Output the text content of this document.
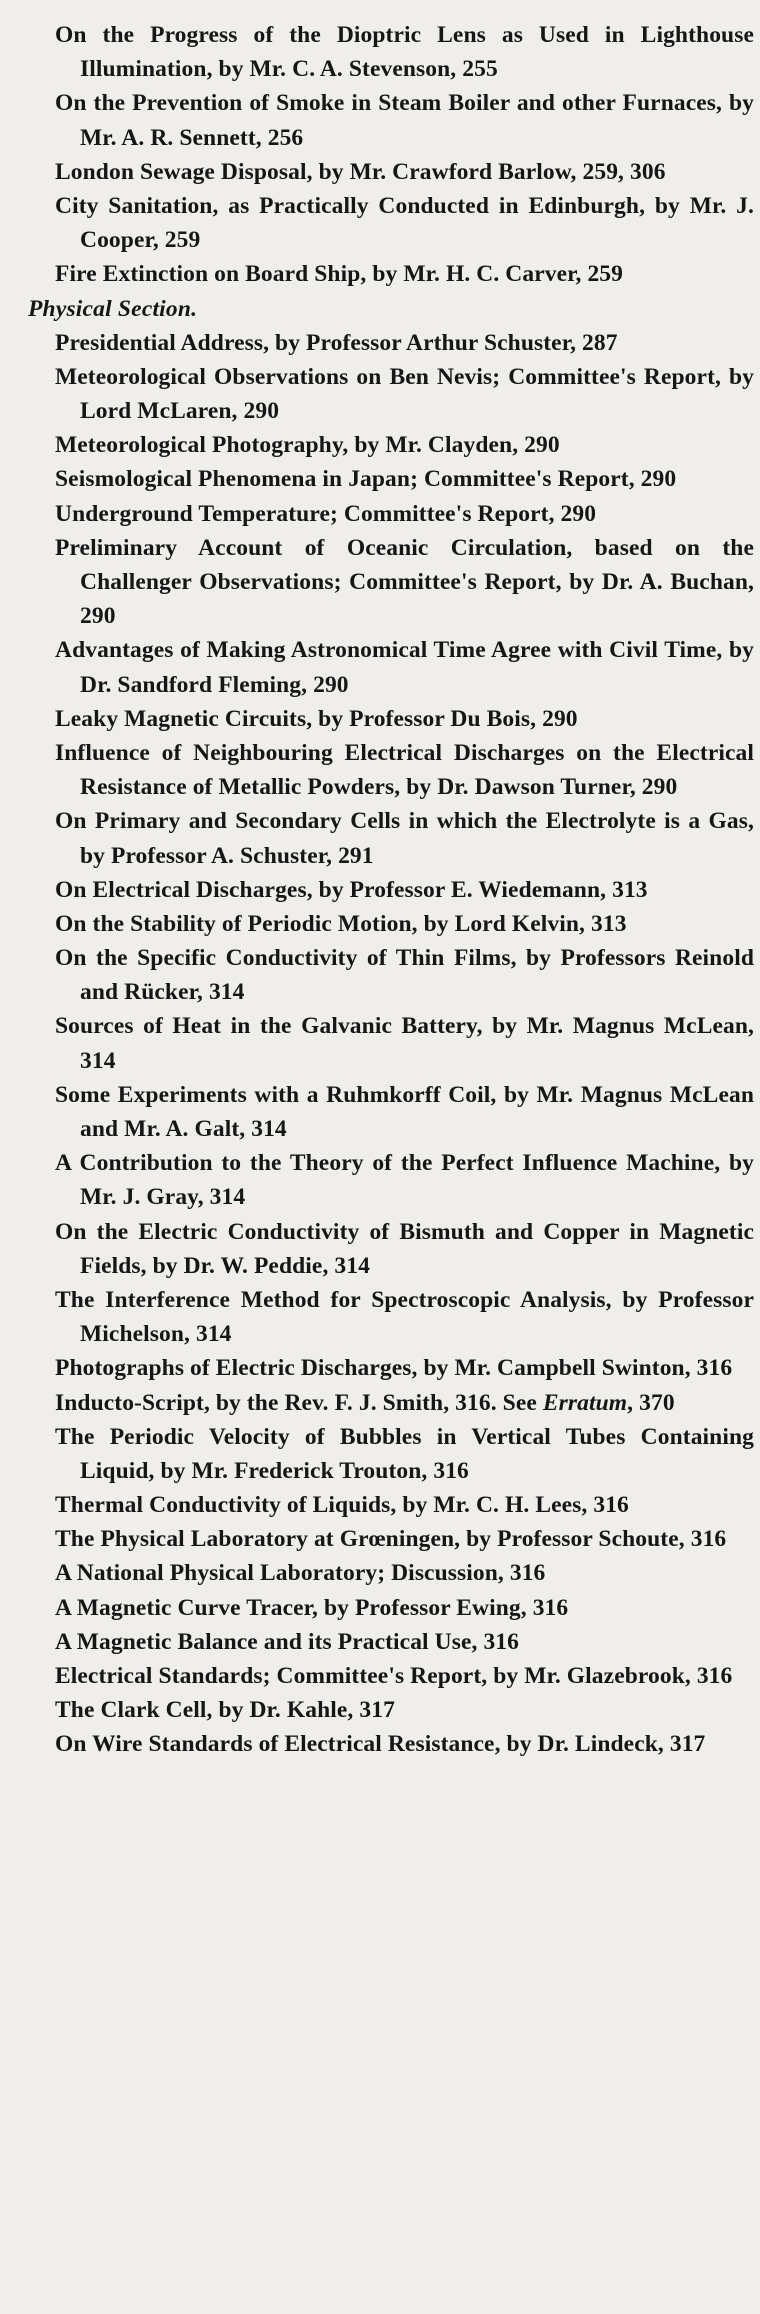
On the Progress of the Dioptric Lens as Used in Lighthouse Illumination, by Mr. C. A. Stevenson, 255

On the Prevention of Smoke in Steam Boiler and other Furnaces, by Mr. A. R. Sennett, 256

London Sewage Disposal, by Mr. Crawford Barlow, 259, 306

City Sanitation, as Practically Conducted in Edinburgh, by Mr. J. Cooper, 259

Fire Extinction on Board Ship, by Mr. H. C. Carver, 259

Physical Section.

Presidential Address, by Professor Arthur Schuster, 287

Meteorological Observations on Ben Nevis; Committee's Report, by Lord McLaren, 290

Meteorological Photography, by Mr. Clayden, 290

Seismological Phenomena in Japan; Committee's Report, 290

Underground Temperature; Committee's Report, 290

Preliminary Account of Oceanic Circulation, based on the Challenger Observations; Committee's Report, by Dr. A. Buchan, 290

Advantages of Making Astronomical Time Agree with Civil Time, by Dr. Sandford Fleming, 290

Leaky Magnetic Circuits, by Professor Du Bois, 290

Influence of Neighbouring Electrical Discharges on the Electrical Resistance of Metallic Powders, by Dr. Dawson Turner, 290

On Primary and Secondary Cells in which the Electrolyte is a Gas, by Professor A. Schuster, 291

On Electrical Discharges, by Professor E. Wiedemann, 313

On the Stability of Periodic Motion, by Lord Kelvin, 313

On the Specific Conductivity of Thin Films, by Professors Reinold and Rücker, 314

Sources of Heat in the Galvanic Battery, by Mr. Magnus McLean, 314

Some Experiments with a Ruhmkorff Coil, by Mr. Magnus McLean and Mr. A. Galt, 314

A Contribution to the Theory of the Perfect Influence Machine, by Mr. J. Gray, 314

On the Electric Conductivity of Bismuth and Copper in Magnetic Fields, by Dr. W. Peddie, 314

The Interference Method for Spectroscopic Analysis, by Professor Michelson, 314

Photographs of Electric Discharges, by Mr. Campbell Swinton, 316

Inducto-Script, by the Rev. F. J. Smith, 316. See Erratum, 370

The Periodic Velocity of Bubbles in Vertical Tubes Containing Liquid, by Mr. Frederick Trouton, 316

Thermal Conductivity of Liquids, by Mr. C. H. Lees, 316

The Physical Laboratory at Grœningen, by Professor Schoute, 316

A National Physical Laboratory; Discussion, 316

A Magnetic Curve Tracer, by Professor Ewing, 316

A Magnetic Balance and its Practical Use, 316

Electrical Standards; Committee's Report, by Mr. Glazebrook, 316

The Clark Cell, by Dr. Kahle, 317

On Wire Standards of Electrical Resistance, by Dr. Lindeck, 317
